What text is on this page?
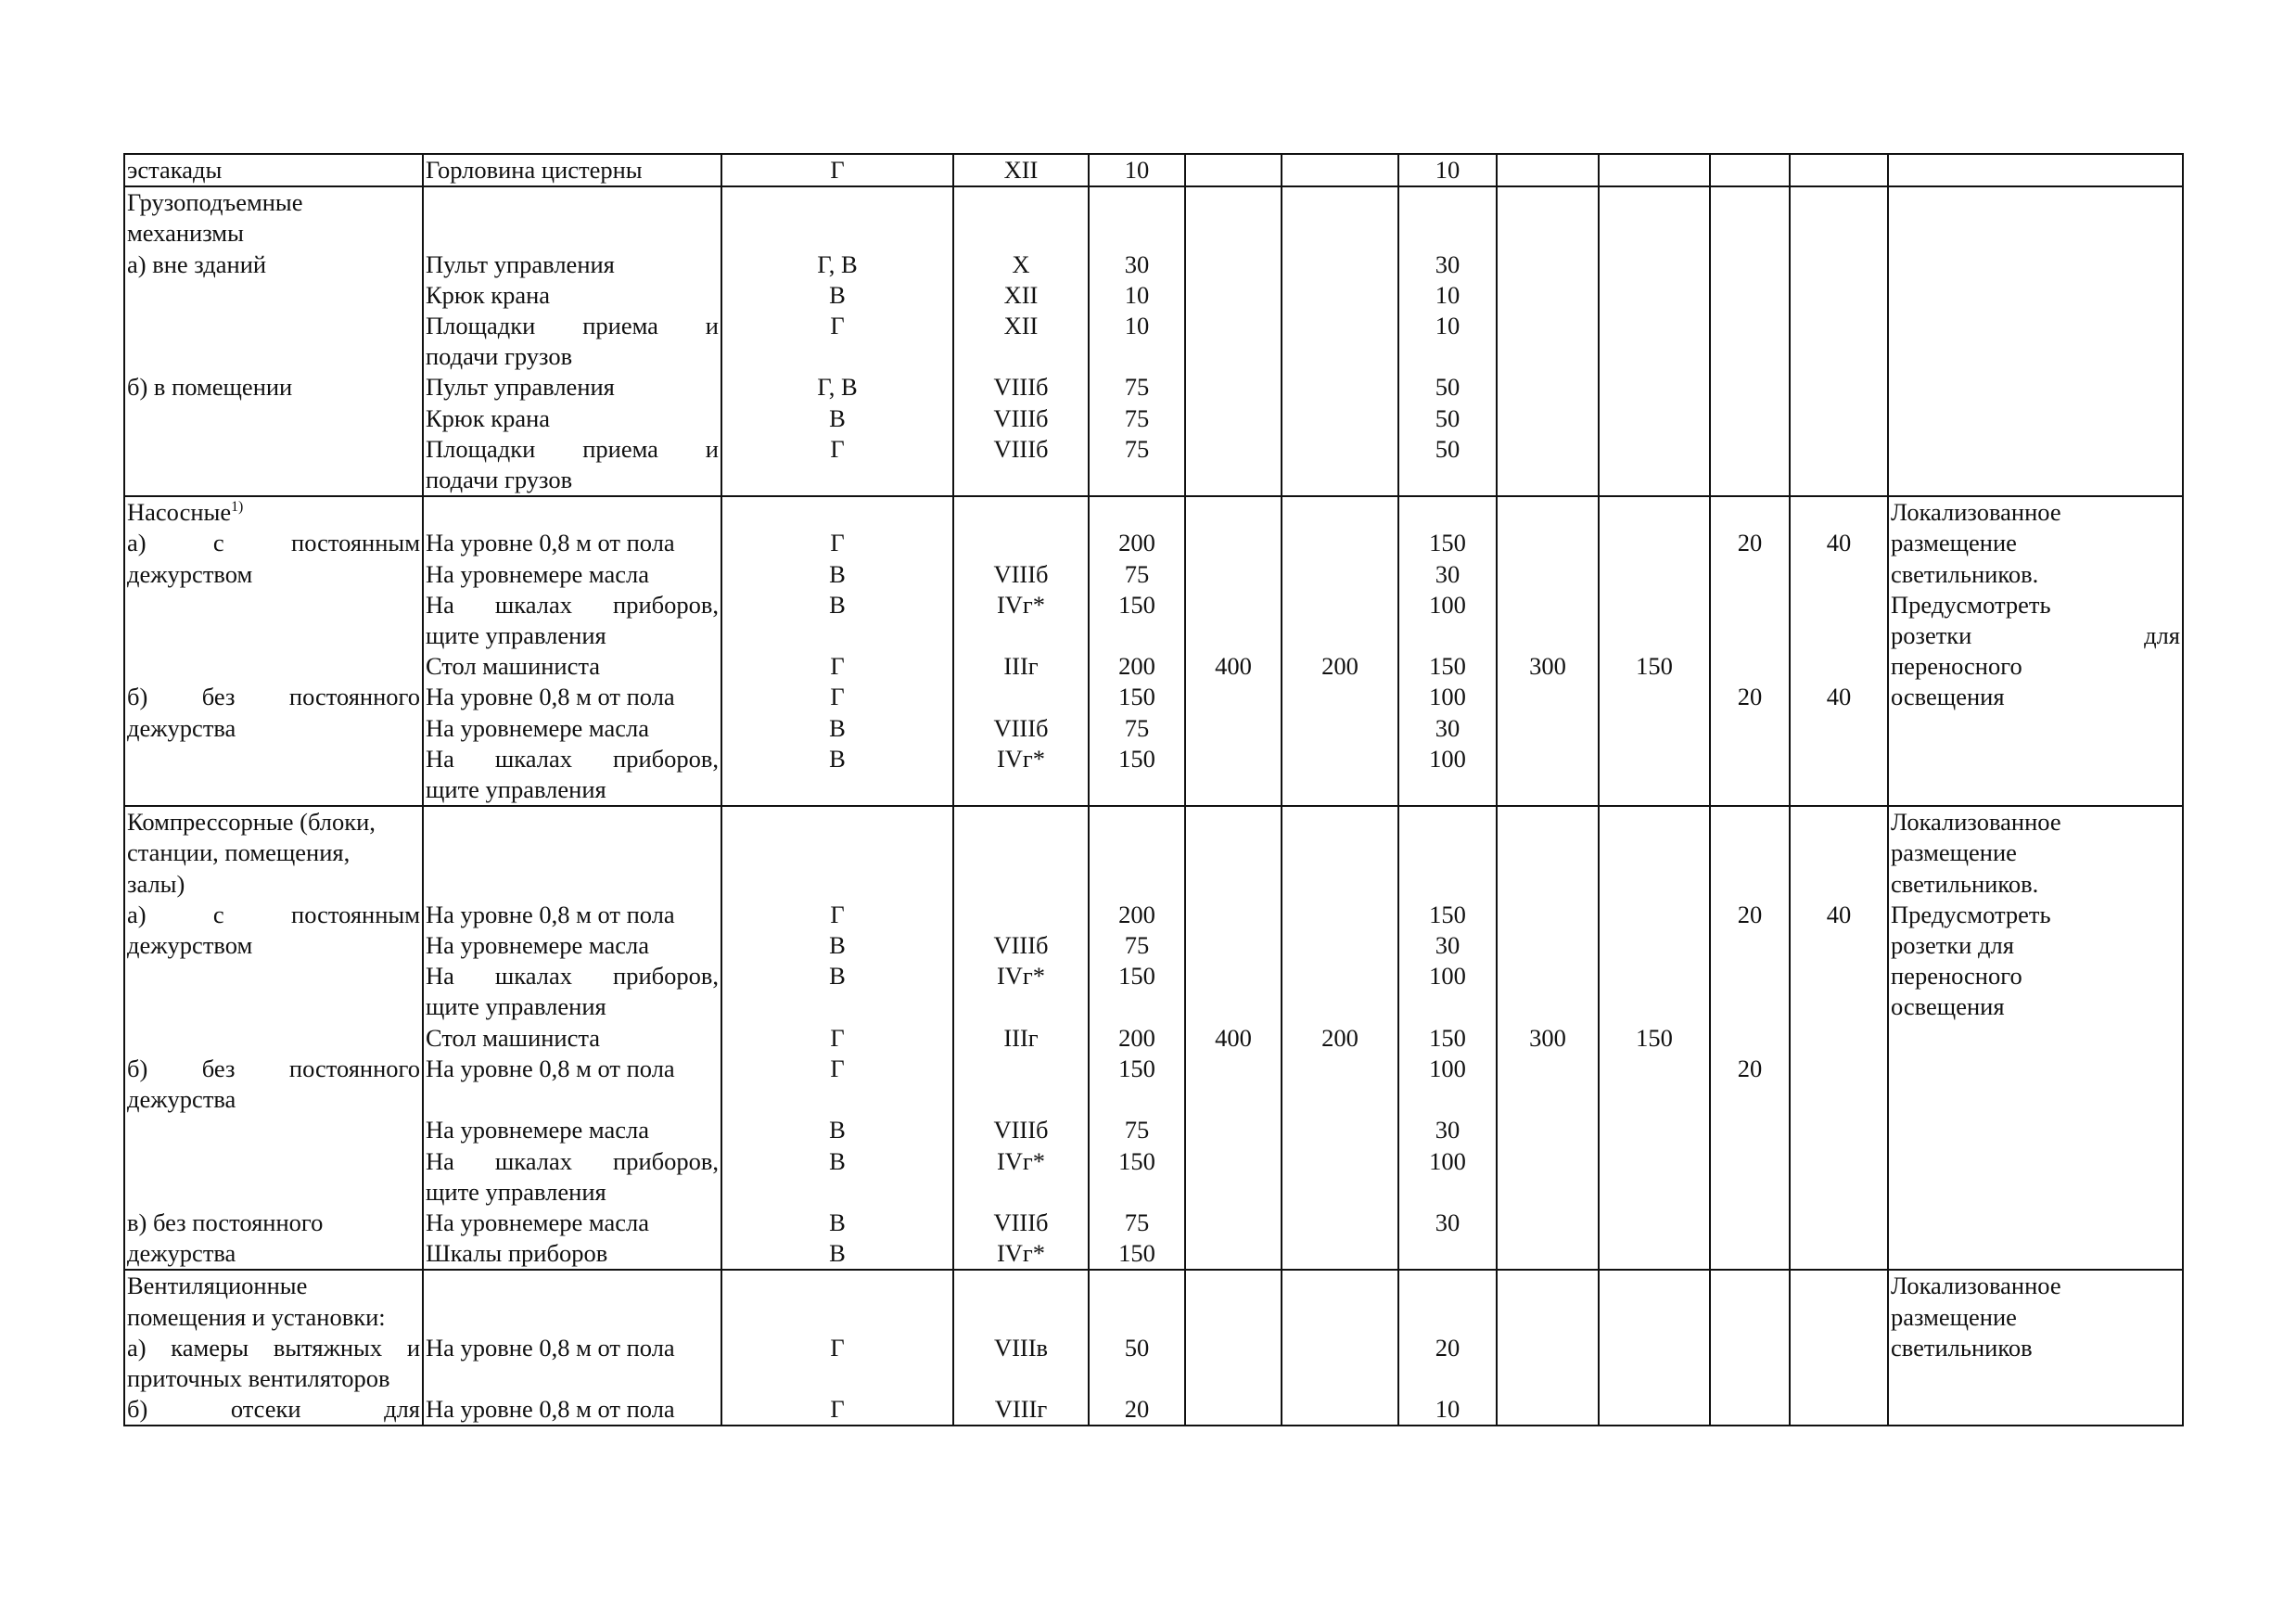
эстакады	Горловина цистерны	Г	XII	10			10					

Грузоподъемные												

механизмы												

а) вне зданий	Пульт управления	Г, В	X	30			30					

	Крюк крана	В	XII	10			10					

	Площадки приема и	Г	XII	10			10					

	подачи грузов											

б) в помещении	Пульт управления	Г, В	VIIIб	75			50					

	Крюк крана	В	VIIIб	75			50					

	Площадки приема и	Г	VIIIб	75			50					

	подачи грузов											

Насосные$^{1)}$												Локализованное

а) с постоянным	На уровне 0,8 м от пола	Г		200			150			20	40	размещение

дежурством	На уровнемере масла	В	VIIIб	75			30					светильников.

	На шкалах приборов,	В	IVг*	150			100					Предусмотреть

	щите управления											розетки для

	Стол машиниста	Г	IIIг	200	400	200	150	300	150			переносного

б) без постоянного	На уровне 0,8 м от пола	Г		150			100			20	40	освещения

дежурства	На уровнемере масла	В	VIIIб	75			30					

	На шкалах приборов,	В	IVг*	150			100					

	щите управления											

Компрессорные (блоки,												Локализованное

станции, помещения,												размещение

залы)												светильников.

а) с постоянным	На уровне 0,8 м от пола	Г		200			150			20	40	Предусмотреть

дежурством	На уровнемере масла	В	VIIIб	75			30					розетки для

	На шкалах приборов,	В	IVг*	150			100					переносного

	щите управления											освещения

	Стол машиниста	Г	IIIг	200	400	200	150	300	150			

б) без постоянного	На уровне 0,8 м от пола	Г		150			100			20		

дежурства												

	На уровнемере масла	В	VIIIб	75			30					

	На шкалах приборов,	В	IVг*	150			100					

	щите управления											

в) без постоянного	На уровнемере масла	В	VIIIб	75			30					

дежурства	Шкалы приборов	В	IVг*	150								

Вентиляционные												Локализованное

помещения и установки:												размещение

а) камеры вытяжных и	На уровне 0,8 м от пола	Г	VIIIв	50			20					светильников

приточных вентиляторов												

б) отсеки для	На уровне 0,8 м от пола	Г	VIIIг	20			10					
